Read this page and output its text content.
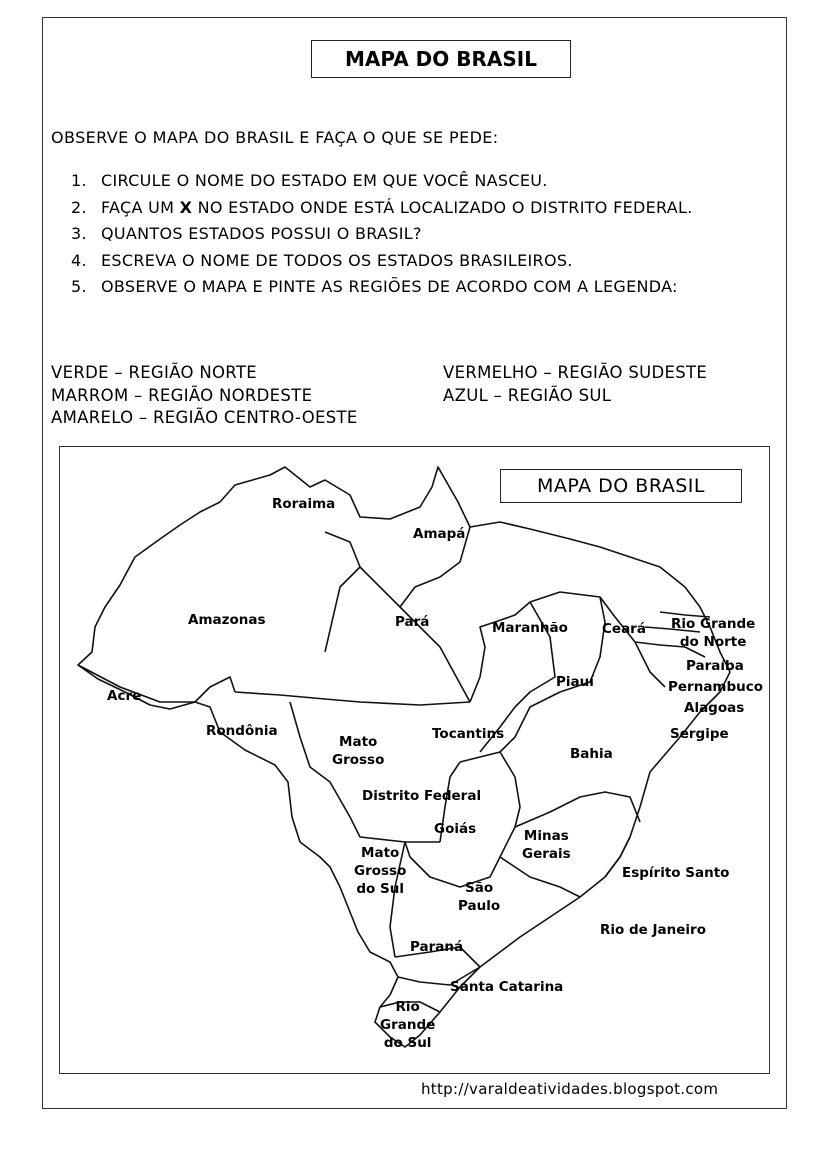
MAPA DO BRASIL
OBSERVE O MAPA DO BRASIL E FAÇA O QUE SE PEDE:
1. CIRCULE O NOME DO ESTADO EM QUE VOCÊ NASCEU.
2. FAÇA UM X NO ESTADO ONDE ESTÁ LOCALIZADO O DISTRITO FEDERAL.
3. QUANTOS ESTADOS POSSUI O BRASIL?
4. ESCREVA O NOME DE TODOS OS ESTADOS BRASILEIROS.
5. OBSERVE O MAPA E PINTE AS REGIÕES DE ACORDO COM A LEGENDA:
VERDE – REGIÃO NORTE
MARROM – REGIÃO NORDESTE
AMARELO – REGIÃO CENTRO-OESTE
VERMELHO – REGIÃO SUDESTE
AZUL – REGIÃO SUL
MAPA DO BRASIL
Roraima
Amapá
Amazonas	Pará	Maranhão	Ceará Rio Grande
do Norte
Paraíba
Pernambuco
Alagoas
Sergipe
Acre
Piauí
Rondônia
Mato
Grosso
Tocantins
Bahia
Distrito Federal
Goiás	Minas
Gerais
Mato
Grosso
do Sul	São
Paulo
Espírito Santo
Rio de Janeiro
Paraná
Santa Catarina
Rio
Grande
do Sul
http://varaldeatividades.blogspot.com
